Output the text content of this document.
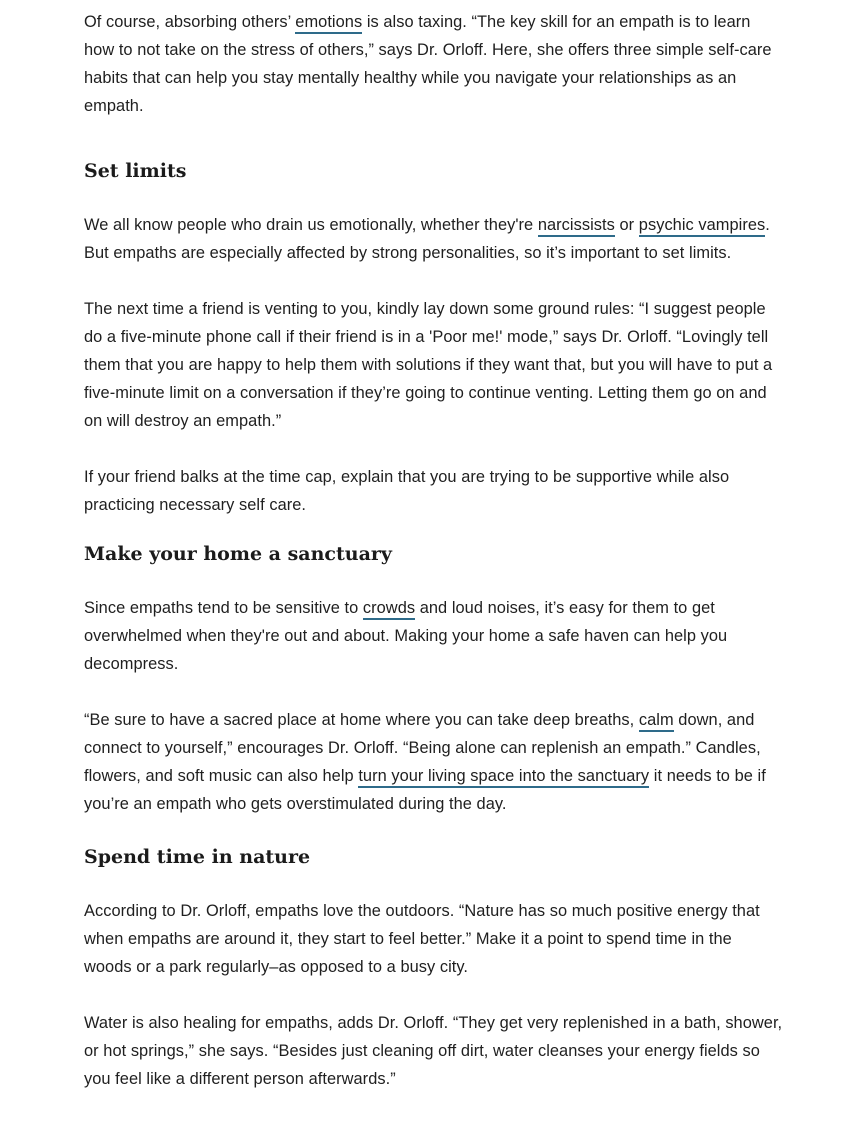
Of course, absorbing others’ emotions is also taxing. “The key skill for an empath is to learn how to not take on the stress of others,” says Dr. Orloff. Here, she offers three simple self-care habits that can help you stay mentally healthy while you navigate your relationships as an empath.

Set limits

We all know people who drain us emotionally, whether they're narcissists or psychic vampires. But empaths are especially affected by strong personalities, so it’s important to set limits.

The next time a friend is venting to you, kindly lay down some ground rules: “I suggest people do a five-minute phone call if their friend is in a 'Poor me!' mode,” says Dr. Orloff. “Lovingly tell them that you are happy to help them with solutions if they want that, but you will have to put a five-minute limit on a conversation if they’re going to continue venting. Letting them go on and on will destroy an empath.”

If your friend balks at the time cap, explain that you are trying to be supportive while also practicing necessary self care.

Make your home a sanctuary

Since empaths tend to be sensitive to crowds and loud noises, it’s easy for them to get overwhelmed when they're out and about. Making your home a safe haven can help you decompress.

“Be sure to have a sacred place at home where you can take deep breaths, calm down, and connect to yourself,” encourages Dr. Orloff. “Being alone can replenish an empath.” Candles, flowers, and soft music can also help turn your living space into the sanctuary it needs to be if you’re an empath who gets overstimulated during the day.

Spend time in nature

According to Dr. Orloff, empaths love the outdoors. “Nature has so much positive energy that when empaths are around it, they start to feel better.” Make it a point to spend time in the woods or a park regularly–as opposed to a busy city.

Water is also healing for empaths, adds Dr. Orloff. “They get very replenished in a bath, shower, or hot springs,” she says. “Besides just cleaning off dirt, water cleanses your energy fields so you feel like a different person afterwards.”
